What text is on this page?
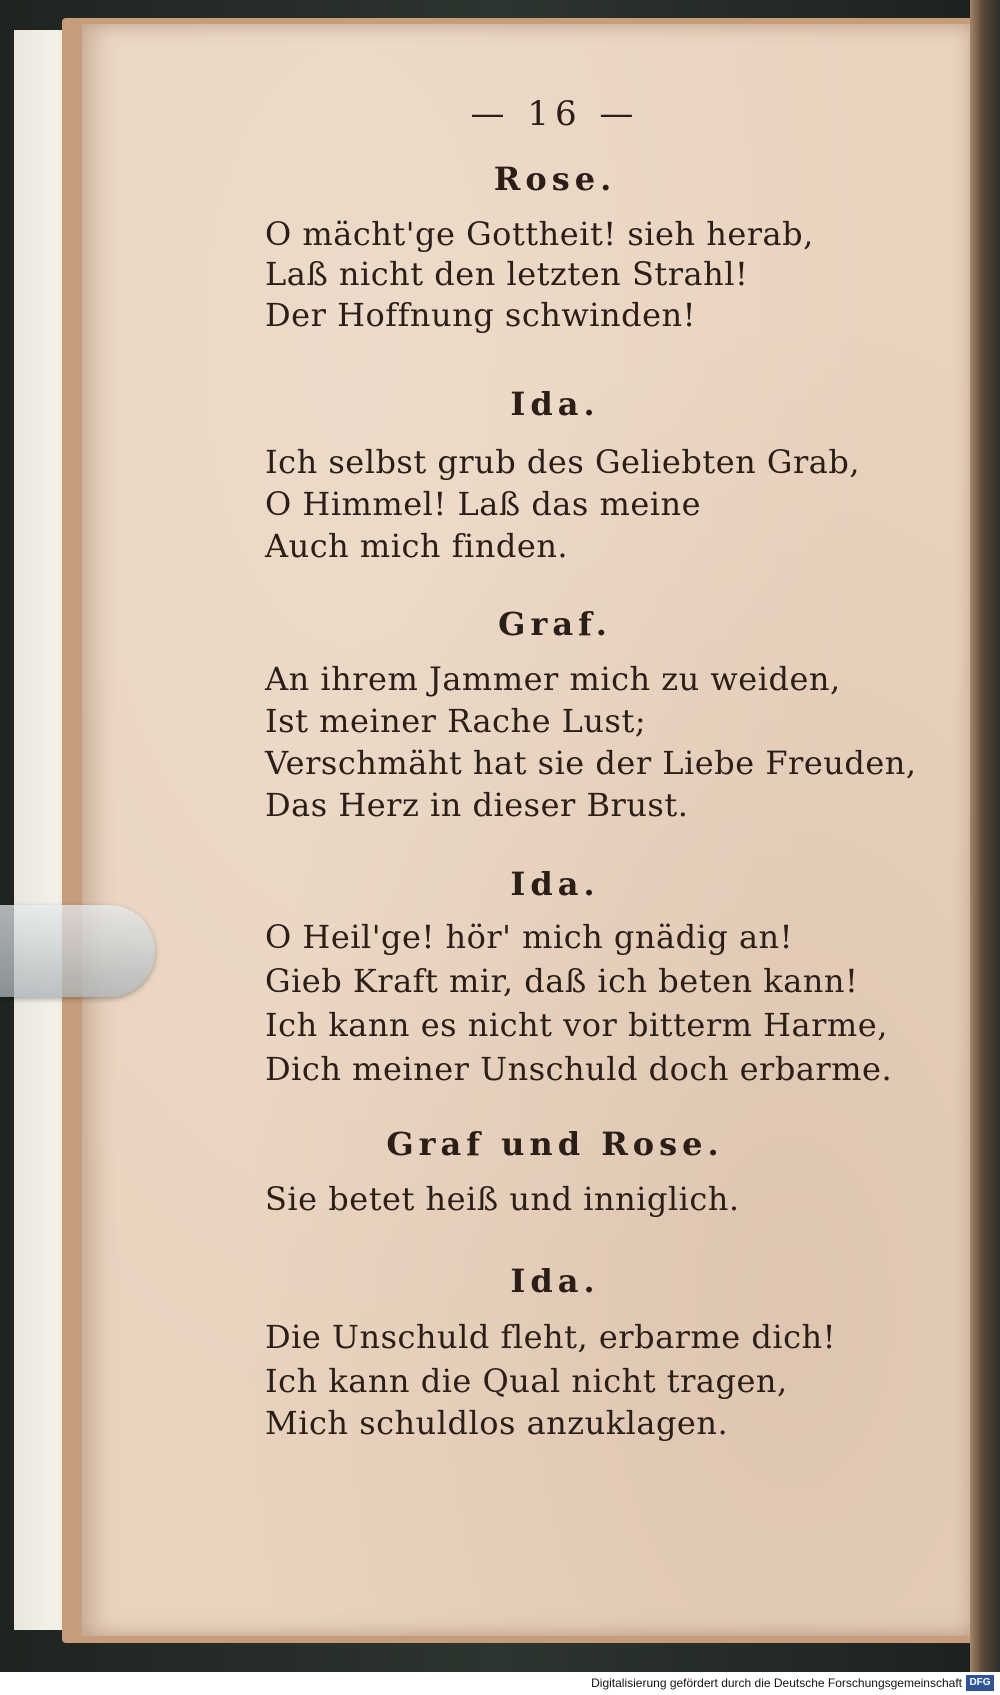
— 16 —
Rose.
O mächt'ge Gottheit! sieh herab,
Laß nicht den letzten Strahl!
Der Hoffnung schwinden!
Ida.
Ich selbst grub des Geliebten Grab,
O Himmel! Laß das meine
Auch mich finden.
Graf.
An ihrem Jammer mich zu weiden,
Ist meiner Rache Lust;
Verschmäht hat sie der Liebe Freuden,
Das Herz in dieser Brust.
Ida.
O Heil'ge! hör' mich gnädig an!
Gieb Kraft mir, daß ich beten kann!
Ich kann es nicht vor bitterm Harme,
Dich meiner Unschuld doch erbarme.
Graf und Rose.
Sie betet heiß und inniglich.
Ida.
Die Unschuld fleht, erbarme dich!
Ich kann die Qual nicht tragen,
Mich schuldlos anzuklagen.
Digitalisierung gefördert durch die Deutsche Forschungsgemeinschaft DFG
